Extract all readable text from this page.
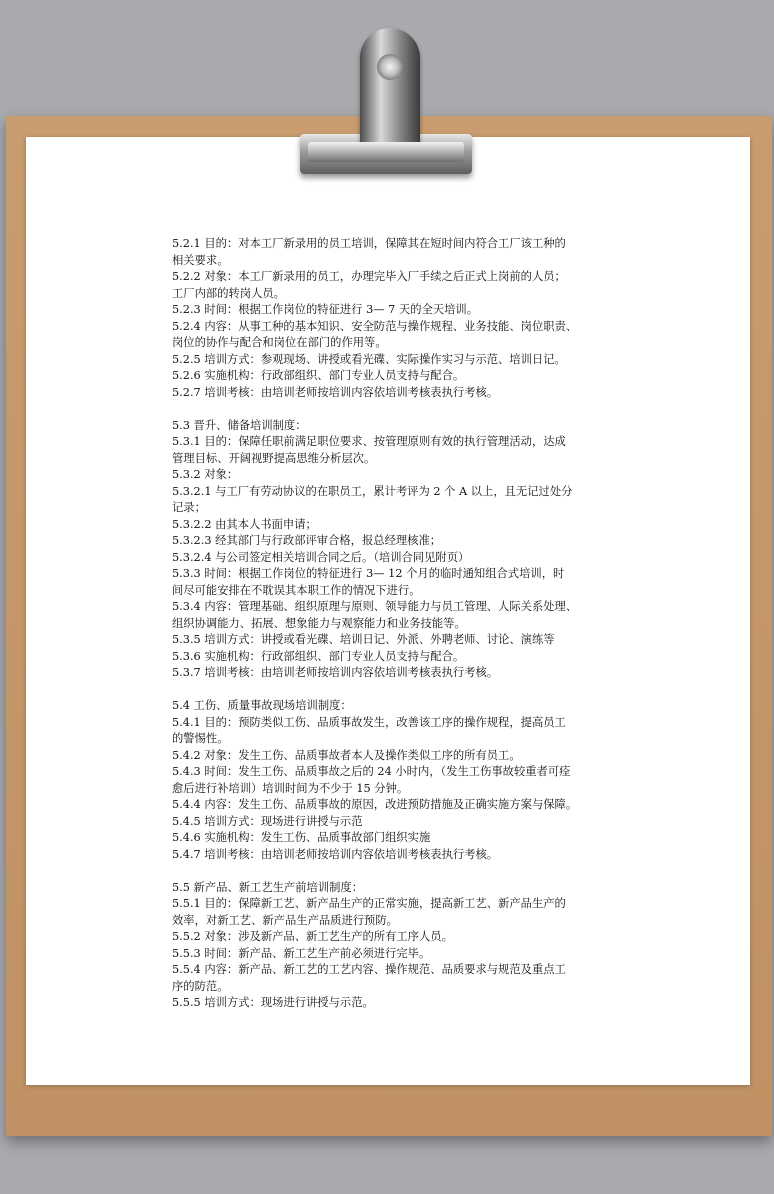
5.2.1 目的：对本工厂新录用的员工培训，保障其在短时间内符合工厂该工种的

相关要求。

5.2.2 对象：本工厂新录用的员工，办理完毕入厂手续之后正式上岗前的人员；

工厂内部的转岗人员。

5.2.3 时间：根据工作岗位的特征进行 3— 7 天的全天培训。

5.2.4 内容：从事工种的基本知识、安全防范与操作规程、业务技能、岗位职责、

岗位的协作与配合和岗位在部门的作用等。

5.2.5 培训方式：参观现场、讲授或看光碟、实际操作实习与示范、培训日记。

5.2.6 实施机构：行政部组织、部门专业人员支持与配合。

5.2.7 培训考核：由培训老师按培训内容依培训考核表执行考核。

5.3 晋升、储备培训制度：

5.3.1 目的：保障任职前满足职位要求、按管理原则有效的执行管理活动，达成

管理目标、开阔视野提高思维分析层次。

5.3.2 对象：

5.3.2.1 与工厂有劳动协议的在职员工，累计考评为 2 个 A 以上，且无记过处分

记录；

5.3.2.2 由其本人书面申请；

5.3.2.3 经其部门与行政部评审合格，报总经理核准；

5.3.2.4 与公司签定相关培训合同之后。（培训合同见附页）

5.3.3 时间：根据工作岗位的特征进行 3— 12 个月的临时通知组合式培训，时

间尽可能安排在不耽误其本职工作的情况下进行。

5.3.4 内容：管理基础、组织原理与原则、领导能力与员工管理、人际关系处理、

组织协调能力、拓展、想象能力与观察能力和业务技能等。

5.3.5 培训方式：讲授或看光碟、培训日记、外派、外聘老师、讨论、演练等

5.3.6 实施机构：行政部组织、部门专业人员支持与配合。

5.3.7 培训考核：由培训老师按培训内容依培训考核表执行考核。

5.4 工伤、质量事故现场培训制度：

5.4.1 目的：预防类似工伤、品质事故发生，改善该工序的操作规程，提高员工

的警惕性。

5.4.2 对象：发生工伤、品质事故者本人及操作类似工序的所有员工。

5.4.3 时间：发生工伤、品质事故之后的 24 小时内，（发生工伤事故较重者可痊

愈后进行补培训）培训时间为不少于 15 分钟。

5.4.4 内容：发生工伤、品质事故的原因，改进预防措施及正确实施方案与保障。

5.4.5 培训方式：现场进行讲授与示范

5.4.6 实施机构：发生工伤、品质事故部门组织实施

5.4.7 培训考核：由培训老师按培训内容依培训考核表执行考核。

5.5 新产品、新工艺生产前培训制度：

5.5.1 目的：保障新工艺、新产品生产的正常实施，提高新工艺、新产品生产的

效率，对新工艺、新产品生产品质进行预防。

5.5.2 对象：涉及新产品、新工艺生产的所有工序人员。

5.5.3 时间：新产品、新工艺生产前必须进行完毕。

5.5.4 内容：新产品、新工艺的工艺内容、操作规范、品质要求与规范及重点工

序的防范。

5.5.5 培训方式：现场进行讲授与示范。
